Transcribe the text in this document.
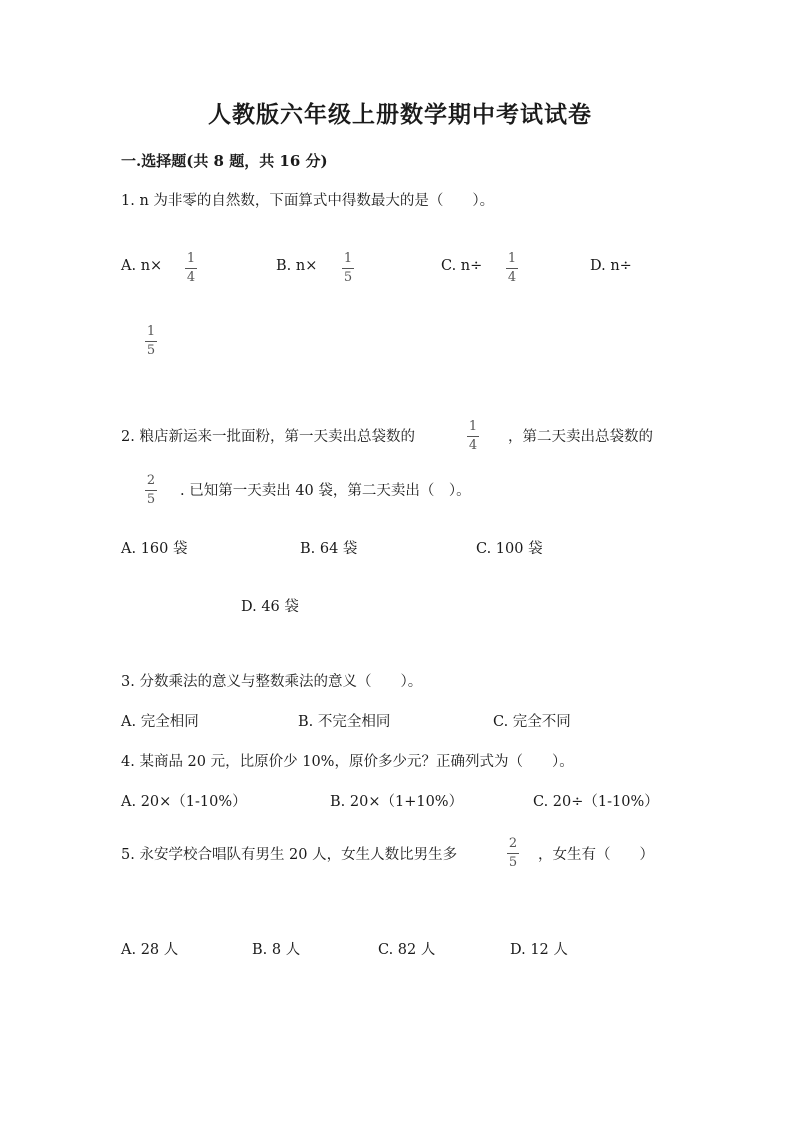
人教版六年级上册数学期中考试试卷
一.选择题(共 8 题，共 16 分)
1. n 为非零的自然数，下面算式中得数最大的是（　　）。
A. n× 1
4
B. n× 1
5
C. n÷ 1
4
D. n÷
1
5
2. 粮店新运来一批面粉，第一天卖出总袋数的
1
4
，第二天卖出总袋数的
2
5
. 已知第一天卖出 40 袋，第二天卖出（　）。
A. 160 袋	B. 64 袋	C. 100 袋
D. 46 袋
3. 分数乘法的意义与整数乘法的意义（　　）。
A. 完全相同	B. 不完全相同	C. 完全不同
4. 某商品 20 元，比原价少 10%，原价多少元？正确列式为（　　）。
A. 20×（1-10%）	B. 20×（1+10%）	C. 20÷（1-10%）
5. 永安学校合唱队有男生 20 人，女生人数比男生多
2
5 ，女生有（　　）
A. 28 人	B. 8 人	C. 82 人	D. 12 人
